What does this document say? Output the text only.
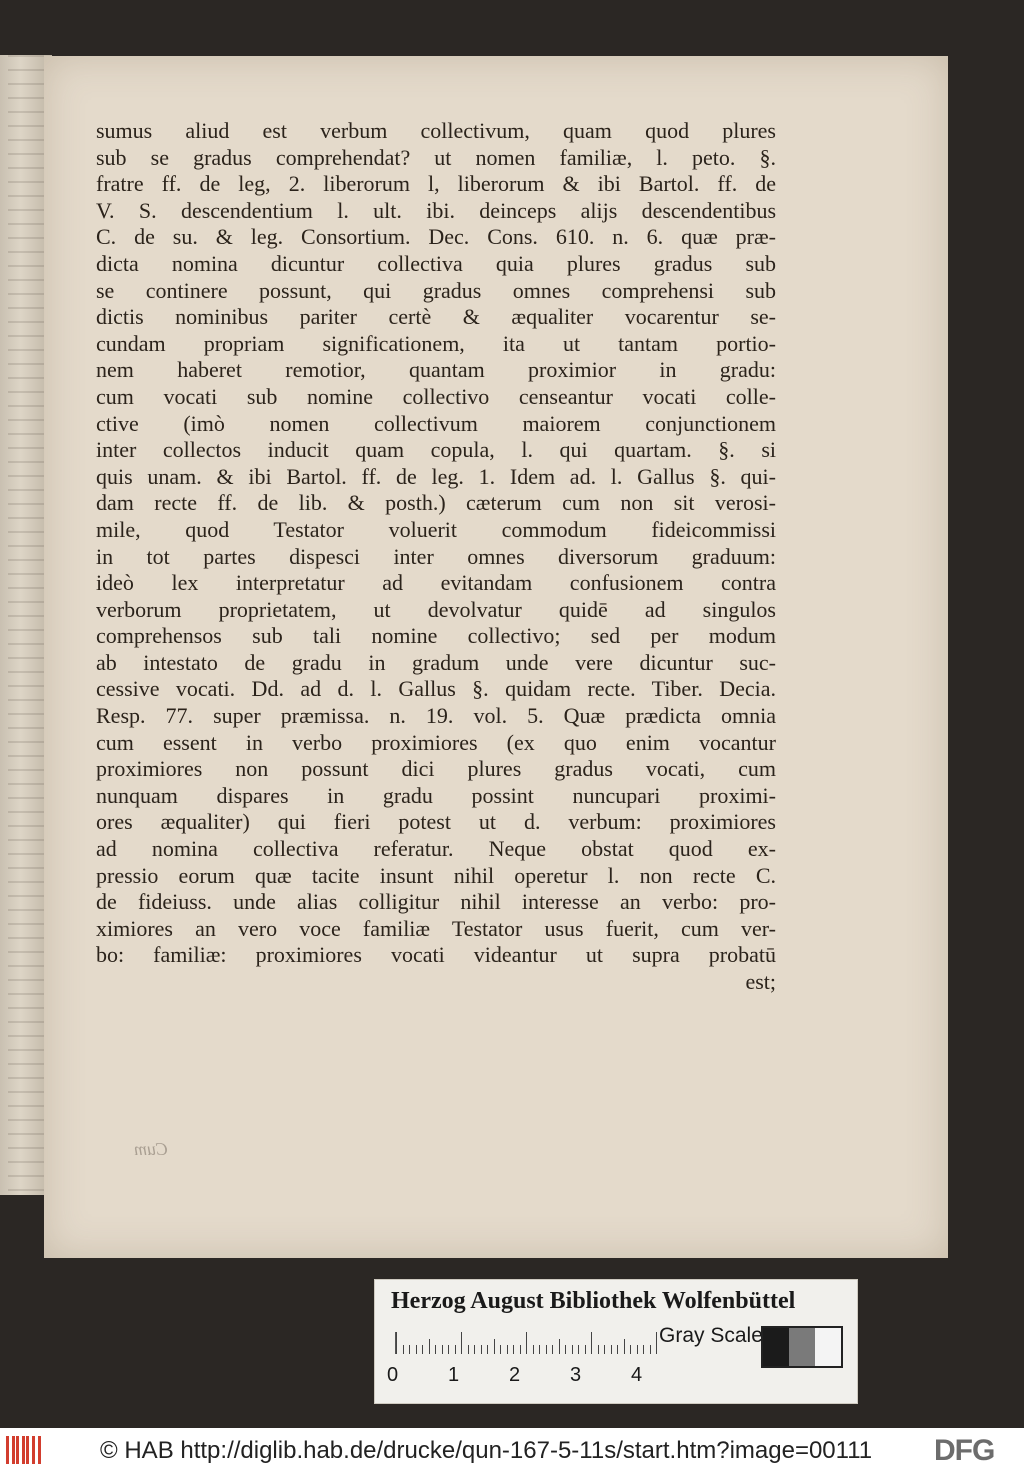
Cum
sumus aliud est verbum collectivum, quam quod plures
sub se gradus comprehendat? ut nomen familiæ, l. peto. §.
fratre ff. de leg, 2. liberorum l, liberorum & ibi Bartol. ff. de
V. S. descendentium l. ult. ibi. deinceps alijs descendentibus
C. de su. & leg. Consortium. Dec. Cons. 610. n. 6. quæ præ-
dicta nomina dicuntur collectiva quia plures gradus sub
se continere possunt, qui gradus omnes comprehensi sub
dictis nominibus pariter certè & æqualiter vocarentur se-
cundam propriam significationem, ita ut tantam portio-
nem haberet remotior, quantam proximior in gradu:
cum vocati sub nomine collectivo censeantur vocati colle-
ctive (imò nomen collectivum maiorem conjunctionem
inter collectos inducit quam copula, l. qui quartam. §. si
quis unam. & ibi Bartol. ff. de leg. 1. Idem ad. l. Gallus §. qui-
dam recte ff. de lib. & posth.) cæterum cum non sit verosi-
mile, quod Testator voluerit commodum fideicommissi
in tot partes dispesci inter omnes diversorum graduum:
ideò lex interpretatur ad evitandam confusionem contra
verborum proprietatem, ut devolvatur quidē ad singulos
comprehensos sub tali nomine collectivo; sed per modum
ab intestato de gradu in gradum unde vere dicuntur suc-
cessive vocati. Dd. ad d. l. Gallus §. quidam recte. Tiber. Decia.
Resp. 77. super præmissa. n. 19. vol. 5. Quæ prædicta omnia
cum essent in verbo proximiores (ex quo enim vocantur
proximiores non possunt dici plures gradus vocati, cum
nunquam dispares in gradu possint nuncupari proximi-
ores æqualiter) qui fieri potest ut d. verbum: proximiores
ad nomina collectiva referatur. Neque obstat quod ex-
pressio eorum quæ tacite insunt nihil operetur l. non recte C.
de fideiuss. unde alias colligitur nihil interesse an verbo: pro-
ximiores an vero voce familiæ Testator usus fuerit, cum ver-
bo: familiæ: proximiores vocati videantur ut supra probatū
est;
Herzog August Bibliothek Wolfenbüttel
0 1 2 3 4
Gray Scale
© HAB http://diglib.hab.de/drucke/qun-167-5-11s/start.htm?image=00111 DFG
